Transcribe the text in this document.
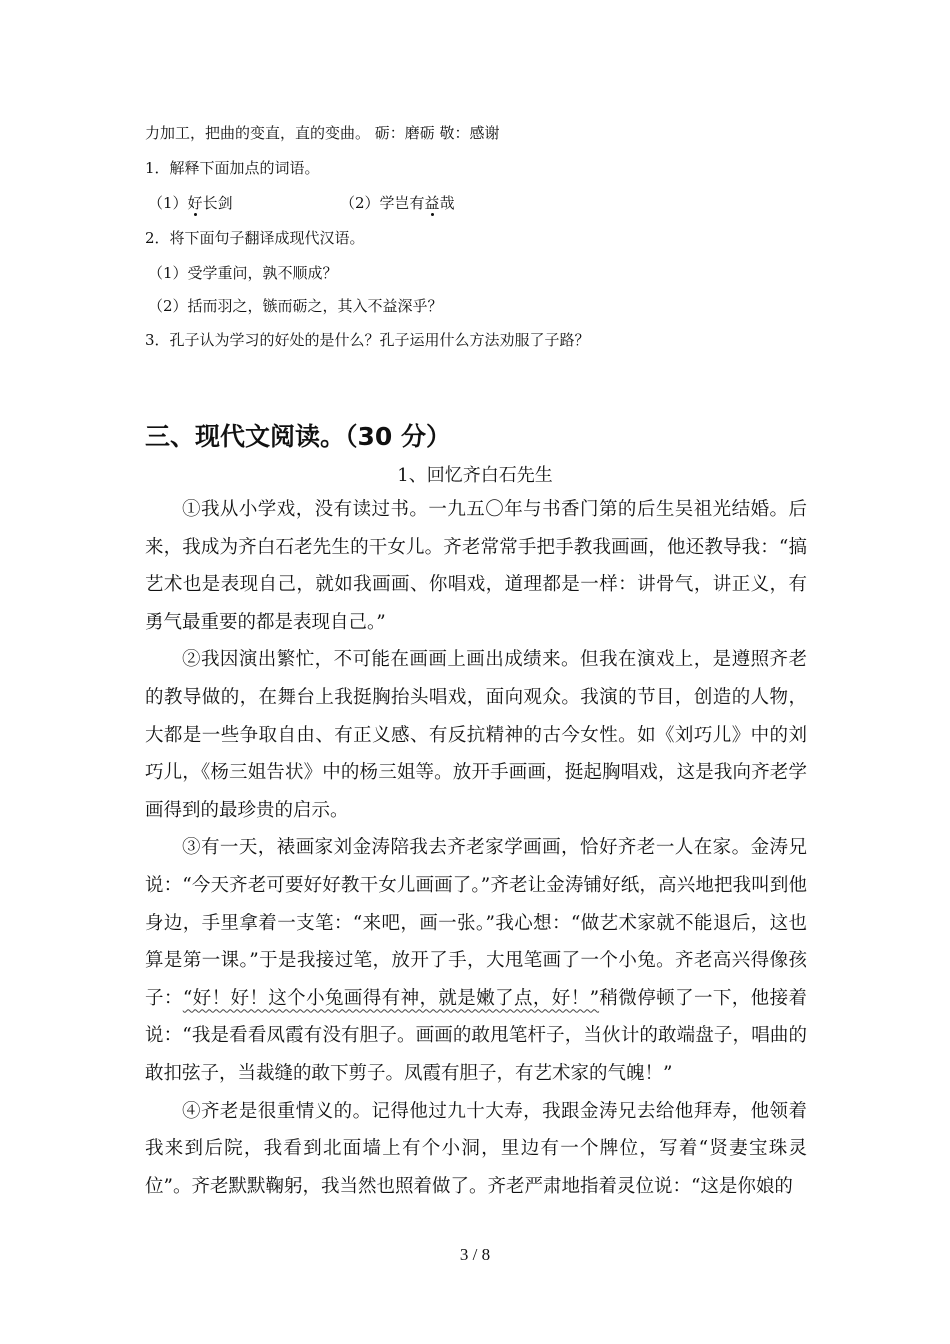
力加工，把曲的变直，直的变曲。 砺：磨砺 敬：感谢
1．解释下面加点的词语。
（1）好长剑	（2）学岂有益哉
2．将下面句子翻译成现代汉语。
（1）受学重问，孰不顺成？
（2）括而羽之，镞而砺之，其入不益深乎？
3．孔子认为学习的好处的是什么？孔子运用什么方法劝服了子路？
三、现代文阅读。（30 分）
1、回忆齐白石先生

①我从小学戏，没有读过书。一九五〇年与书香门第的后生吴祖光结婚。后来，我成为齐白石老先生的干女儿。齐老常常手把手教我画画，他还教导我：“搞艺术也是表现自己，就如我画画、你唱戏，道理都是一样：讲骨气，讲正义，有勇气最重要的都是表现自己。”

②我因演出繁忙，不可能在画画上画出成绩来。但我在演戏上，是遵照齐老的教导做的，在舞台上我挺胸抬头唱戏，面向观众。我演的节目，创造的人物，大都是一些争取自由、有正义感、有反抗精神的古今女性。如《刘巧儿》中的刘巧儿，《杨三姐告状》中的杨三姐等。放开手画画，挺起胸唱戏，这是我向齐老学画得到的最珍贵的启示。

③有一天，裱画家刘金涛陪我去齐老家学画画，恰好齐老一人在家。金涛兄说：“今天齐老可要好好教干女儿画画了。”齐老让金涛铺好纸，高兴地把我叫到他身边，手里拿着一支笔：“来吧，画一张。”我心想：“做艺术家就不能退后，这也算是第一课。”于是我接过笔，放开了手，大甩笔画了一个小兔。齐老高兴得像孩子：“好！好！这个小兔画得有神，就是嫩了点，好！”稍微停顿了一下，他接着说：“我是看看凤霞有没有胆子。画画的敢甩笔杆子，当伙计的敢端盘子，唱曲的敢扣弦子，当裁缝的敢下剪子。凤霞有胆子，有艺术家的气魄！”

④齐老是很重情义的。记得他过九十大寿，我跟金涛兄去给他拜寿，他领着我来到后院，我看到北面墙上有个小洞，里边有一个牌位，写着“贤妻宝珠灵位”。齐老默默鞠躬，我当然也照着做了。齐老严肃地指着灵位说：“这是你娘的

3 / 8
